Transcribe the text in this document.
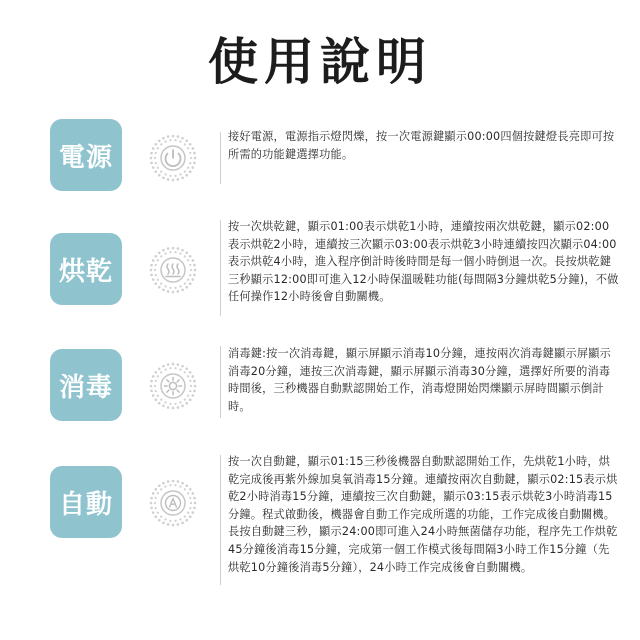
使用說明
電源
接好電源，電源指示燈閃爍，按一次電源鍵顯示00:00四個按鍵燈長亮即可按所需的功能鍵選擇功能。
烘乾
按一次烘乾鍵，顯示01:00表示烘乾1小時，連續按兩次烘乾鍵，顯示02:00表示烘乾2小時，連續按三次顯示03:00表示烘乾3小時連續按四次顯示04:00表示烘乾4小時，進入程序倒計時後時間是每一個小時倒退一次。長按烘乾鍵三秒顯示12:00即可進入12小時保溫暖鞋功能(每間隔3分鐘烘乾5分鐘)，不做任何操作12小時後會自動關機。
消毒
消毒鍵:按一次消毒鍵，顯示屏顯示消毒10分鐘，連按兩次消毒鍵顯示屏顯示消毒20分鐘，連按三次消毒鍵，顯示屏顯示消毒30分鐘，選擇好所要的消毒時間後，三秒機器自動默認開始工作，消毒燈開始閃爍顯示屏時間顯示倒計時。
自動
按一次自動鍵，顯示01:15三秒後機器自動默認開始工作，先烘乾1小時，烘乾完成後再紫外線加臭氧消毒15分鐘。連續按兩次自動鍵，顯示02:15表示烘乾2小時消毒15分鐘，連續按三次自動鍵，顯示03:15表示烘乾3小時消毒15分鐘。程式啟動後，機器會自動工作完成所選的功能，工作完成後自動關機。長按自動鍵三秒，顯示24:00即可進入24小時無菌儲存功能，程序先工作烘乾45分鐘後消毒15分鐘，完成第一個工作模式後每間隔3小時工作15分鐘（先烘乾10分鐘後消毒5分鐘），24小時工作完成後會自動關機。
